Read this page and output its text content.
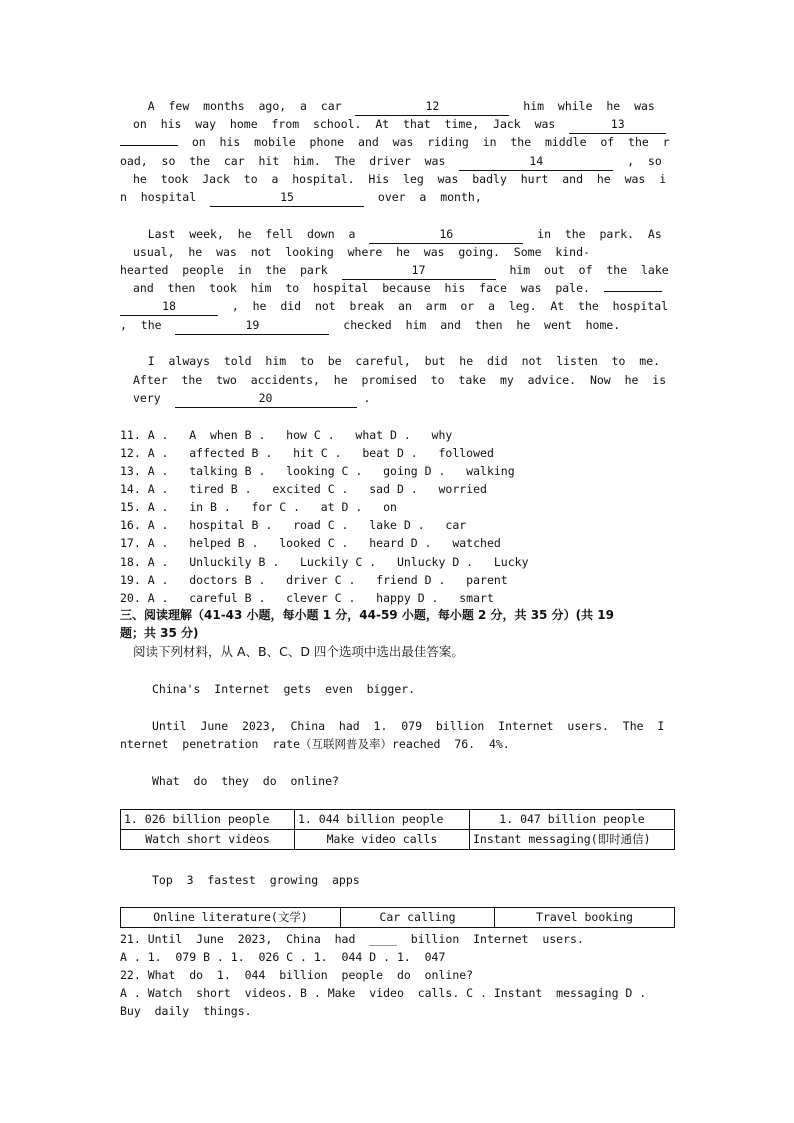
A  few  months  ago,  a  car	12	him  while  he  was
on  his  way  home  from  school.  At  that  time,  Jack  was	13
on  his  mobile  phone  and  was  riding  in  the  middle  of  the  r
oad,  so  the  car  hit  him.  The  driver  was	14	,  so
he  took  Jack  to  a  hospital.  His  leg  was  badly  hurt  and  he  was  i
n  hospital	15	over  a  month,
Last  week,  he  fell  down  a	16	in  the  park.  As
usual,  he  was  not  looking  where  he  was  going.  Some  kind-
hearted  people  in  the  park	17	him  out  of  the  lake
and  then  took  him  to  hospital  because  his  face  was  pale.
18	,  he  did  not  break  an  arm  or  a  leg.  At  the  hospital
,  the	19	checked  him  and  then  he  went  home.
I  always  told  him  to  be  careful,  but  he  did  not  listen  to  me.
After  the  two  accidents,  he  promised  to  take  my  advice.  Now  he  is
very	20	.
11. A .   A  when B .   how C .   what D .   why
12. A .   affected B .   hit C .   beat D .   followed
13. A .   talking B .   looking C .   going D .   walking
14. A .   tired B .   excited C .   sad D .   worried
15. A .   in B .   for C .   at D .   on
16. A .   hospital B .   road C .   lake D .   car
17. A .   helped B .   looked C .   heard D .   watched
18. A .   Unluckily B .   Luckily C .   Unlucky D .   Lucky
19. A .   doctors B .   driver C .   friend D .   parent
20. A .   careful B .   clever C .   happy D .   smart
三、阅读理解（41-43 小题，每小题 1 分，44-59 小题，每小题 2 分，共 35 分）(共 19
题；共 35 分)
阅读下列材料，从 A、B、C、D 四个选项中选出最佳答案。
China's  Internet  gets  even  bigger.
Until  June  2023,  China  had  1.  079  billion  Internet  users.  The  I
nternet  penetration  rate（互联网普及率）reached  76.  4%.
What  do  they  do  online?
1. 026 billion people	1. 044 billion people	1. 047 billion people
Watch short videos	Make video calls	Instant messaging(即时通信)
Top  3  fastest  growing  apps
Online literature(文学)	Car calling	Travel booking
21. Until  June  2023,  China  had  ____  billion  Internet  users.
A . 1.  079 B . 1.  026 C . 1.  044 D . 1.  047
22. What  do  1.  044  billion  people  do  online?
A . Watch  short  videos. B . Make  video  calls. C . Instant  messaging D .
Buy  daily  things.
